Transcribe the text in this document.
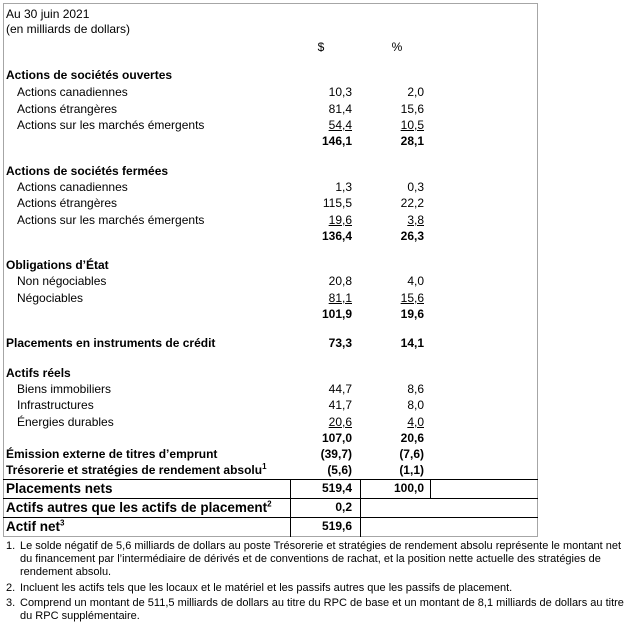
Au 30 juin 2021
(en milliards de dollars)
$	%
Actions de sociétés ouvertes
Actions canadiennes	10,3	2,0
Actions étrangères	81,4	15,6
Actions sur les marchés émergents	54,4	10,5
146,1	28,1
Actions de sociétés fermées
Actions canadiennes	1,3	0,3
Actions étrangères	115,5	22,2
Actions sur les marchés émergents	19,6	3,8
136,4	26,3
Obligations d’État
Non négociables	20,8	4,0
Négociables	81,1	15,6
101,9	19,6
Placements en instruments de crédit	73,3	14,1
Actifs réels
Biens immobiliers	44,7	8,6
Infrastructures	41,7	8,0
Énergies durables	20,6	4,0
107,0	20,6
Émission externe de titres d’emprunt	(39,7)	(7,6)
Trésorerie et stratégies de rendement absolu$^1$	(5,6)	(1,1)
Placements nets	519,4	100,0
Actifs autres que les actifs de placement$^2$	0,2
Actif net$^3$	519,6
1. Le solde négatif de 5,6 milliards de dollars au poste Trésorerie et stratégies de rendement absolu représente le montant net du financement par l’intermédiaire de dérivés et de conventions de rachat, et la position nette actuelle des stratégies de rendement absolu.
2. Incluent les actifs tels que les locaux et le matériel et les passifs autres que les passifs de placement.
3. Comprend un montant de 511,5 milliards de dollars au titre du RPC de base et un montant de 8,1 milliards de dollars au titre du RPC supplémentaire.
